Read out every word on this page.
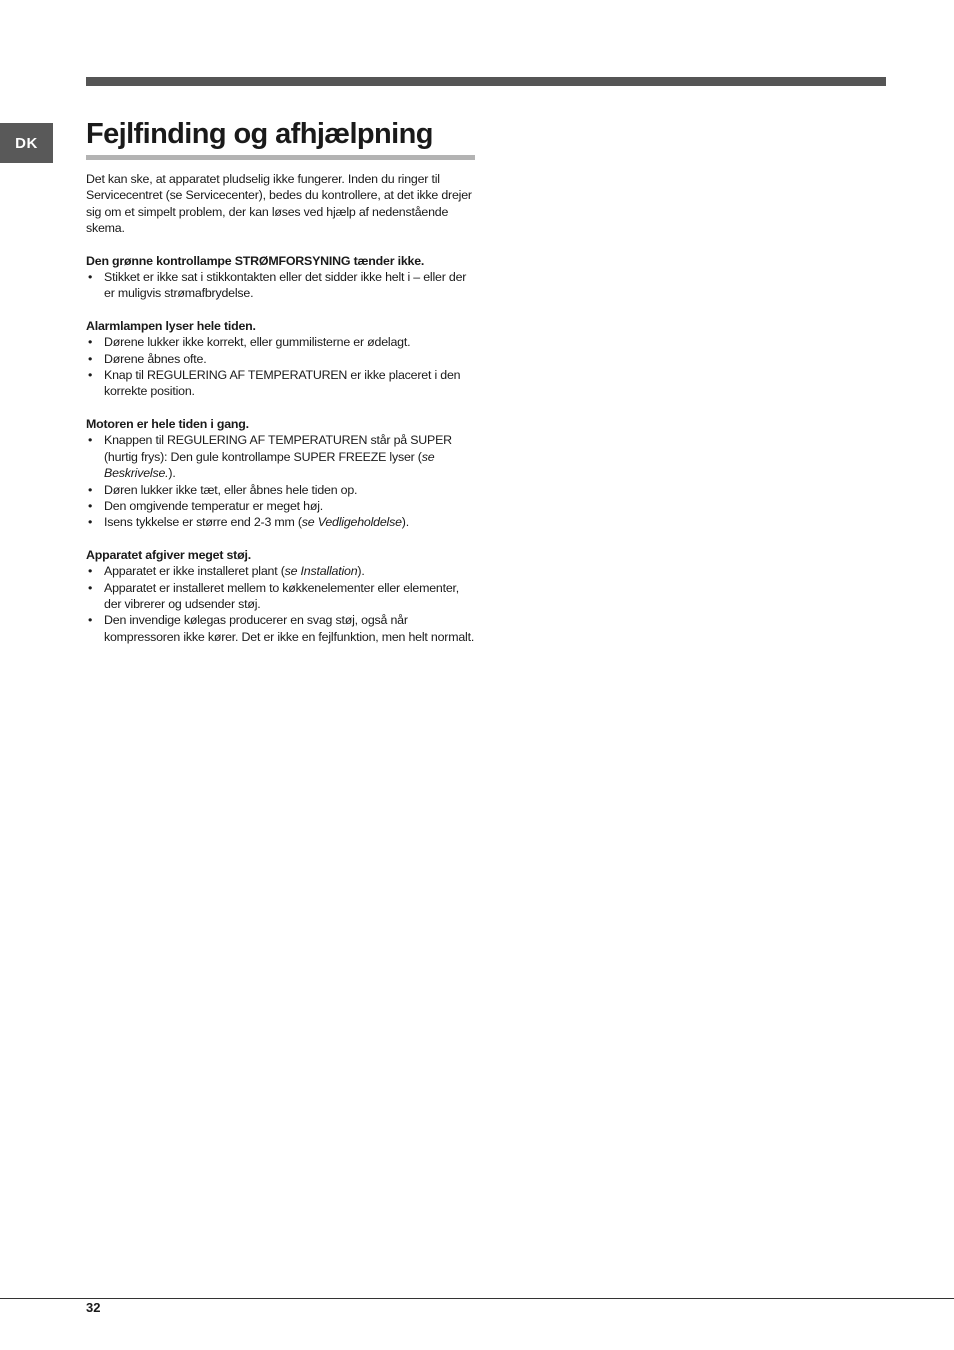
DK	Fejlfinding og afhjælpning

Det kan ske, at apparatet pludselig ikke fungerer. Inden du ringer til Servicecentret (se Servicecenter), bedes du kontrollere, at det ikke drejer sig om et simpelt problem, der kan løses ved hjælp af nedenstående skema.

Den grønne kontrollampe STRØMFORSYNING tænder ikke.

• Stikket er ikke sat i stikkontakten eller det sidder ikke helt i – eller der er muligvis strømafbrydelse.

Alarmlampen lyser hele tiden.

• Dørene lukker ikke korrekt, eller gummilisterne er ødelagt.
• Dørene åbnes ofte.
• Knap til REGULERING AF TEMPERATUREN er ikke placeret i den korrekte position.

Motoren er hele tiden i gang.

• Knappen til REGULERING AF TEMPERATUREN står på SUPER (hurtig frys): Den gule kontrollampe SUPER FREEZE lyser (se Beskrivelse.).
• Døren lukker ikke tæt, eller åbnes hele tiden op.
• Den omgivende temperatur er meget høj.
• Isens tykkelse er større end 2-3 mm (se Vedligeholdelse).

Apparatet afgiver meget støj.

• Apparatet er ikke installeret plant (se Installation).
• Apparatet er installeret mellem to køkkenelementer eller elementer, der vibrerer og udsender støj.
• Den invendige kølegas producerer en svag støj, også når kompressoren ikke kører. Det er ikke en fejlfunktion, men helt normalt.
32
